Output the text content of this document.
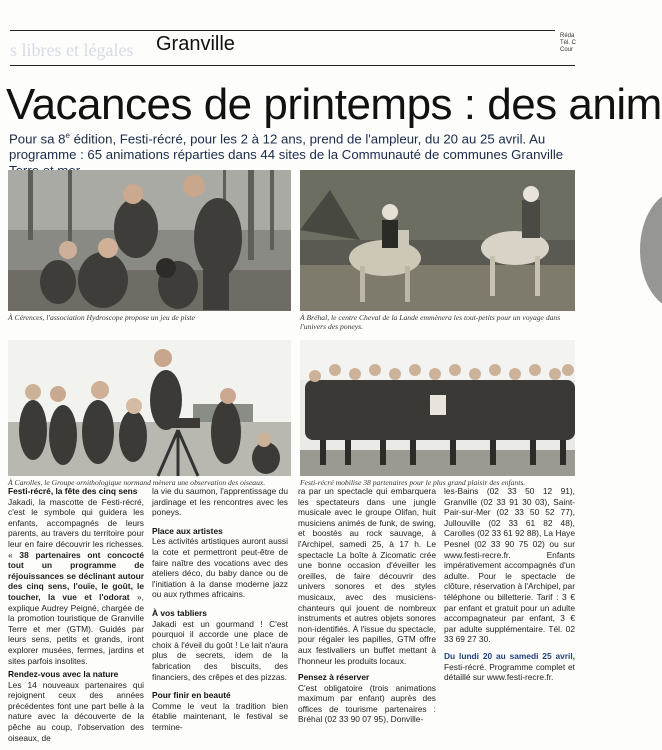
s libres et légales Granville	Réda
Tél. C
Cour
Vacances de printemps : des anim
Pour sa 8e édition, Festi-récré, pour les 2 à 12 ans, prend de l'ampleur, du 20 au 25 avril. Au programme : 65 animations réparties dans 44 sites de la Communauté de communes Granville
À Cérences, l'association Hydroscope propose un jeu de piste	À Bréhal, le centre Cheval de la Lande emmènera les tout-petits pour un voyage dans l'univers des poneys.
À Carolles, le Groupe ornithologique normand mènera une observation des oiseaux.	Festi-récré mobilise 38 partenaires pour le plus grand plaisir des enfants.

Festi-récré, la fête des cinq sens

Jakadi, la mascotte de Festi-récré, c'est le symbole qui guidera les enfants, accompagnés de leurs parents, au travers du territoire pour leur en faire découvrir les richesses. « 38 partenaires ont concocté tout un programme de réjouissances se déclinant autour des cinq sens, l'ouïe, le goût, le toucher, la vue et l'odorat », explique Audrey Peigné, chargée de la promotion touristique de Granville Terre et mer (GTM). Guidés par leurs sens, petits et grands, iront explorer musées, fermes, jardins et sites parfois insolites.

Rendez-vous avec la nature

Les 14 nouveaux partenaires qui rejoignent ceux des années précédentes font une part belle à la nature avec la découverte de la pêche au coup, l'observation des oiseaux, de

la vie du saumon, l'apprentissage du jardinage et les rencontres avec les poneys.

Place aux artistes

Les activités artistiques auront aussi la cote et permettront peut-être de faire naître des vocations avec des ateliers déco, du baby dance ou de l'initiation à la danse moderne jazz ou aux rythmes africains.

À vos tabliers

Jakadi est un gourmand ! C'est pourquoi il accorde une place de choix à l'éveil du goût ! Le lait n'aura plus de secrets, idem de la fabrication des biscuits, des financiers, des crêpes et des pizzas.

Pour finir en beauté

Comme le veut la tradition bien établie maintenant, le festival se termine-

ra par un spectacle qui embarquera les spectateurs dans une jungle musicale avec le groupe Olifan, huit musiciens animés de funk, de swing, et boostés au rock sauvage, à l'Archipel, samedi 25, à 17 h. Le spectacle La boîte à Zicomatic crée une bonne occasion d'éveiller les oreilles, de faire découvrir des univers sonores et des styles musicaux, avec des musiciens-chanteurs qui jouent de nombreux instruments et autres objets sonores non-identifiés. À l'issue du spectacle, pour régaler les papilles, GTM offre aux festivaliers un buffet mettant à l'honneur les produits locaux.

Pensez à réserver

C'est obligatoire (trois animations maximum par enfant) auprès des offices de tourisme partenaires : Bréhal (02 33 90 07 95), Donville-

les-Bains (02 33 50 12 91), Granville (02 33 91 30 03), Saint-Pair-sur-Mer (02 33 50 52 77), Jullouville (02 33 61 82 48), Carolles (02 33 61 92 88), La Haye Pesnel (02 33 90 75 02) ou sur www.festi-recre.fr. Enfants impérativement accompagnés d'un adulte. Pour le spectacle de clôture, réservation à l'Archipel, par téléphone ou billetterie. Tarif : 3 € par enfant et gratuit pour un adulte accompagnateur par enfant, 3 € par adulte supplémentaire. Tél. 02 33 69 27 30.

Du lundi 20 au samedi 25 avril, Festi-récré. Programme complet et détaillé sur www.festi-recre.fr.
